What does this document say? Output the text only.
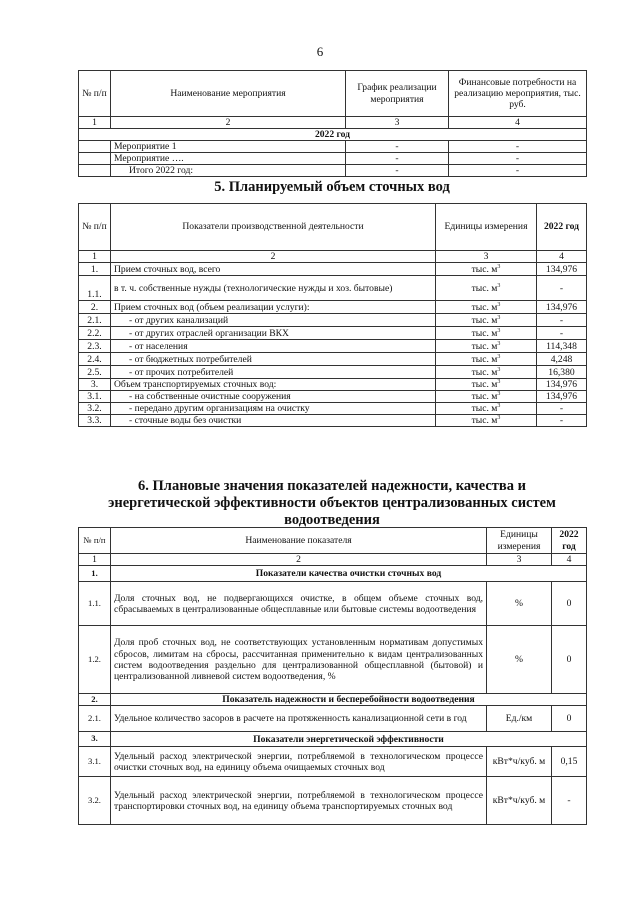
6
№ п/п	Наименование мероприятия	График реализации мероприятия	Финансовые потребности на реализацию мероприятия, тыс. руб.
1	2	3	4
2022 год			
	Мероприятие 1	-	-
	Мероприятие ….	-	-
	Итого 2022 год:	-	-
5. Планируемый объем сточных вод
№ п/п	Показатели производственной деятельности	Единицы измерения	2022 год
1	2	3	4
1.	Прием сточных вод, всего	тыс. $м^3$	134,976
1.1.	в т. ч. собственные нужды (технологические нужды и хоз. бытовые)	тыс. $м^3$	-
2.	Прием сточных вод (объем реализации услуги):	тыс. $м^3$	134,976
2.1.	- от других канализаций	тыс. $м^3$	-
2.2.	- от других отраслей организации ВКХ	тыс. $м^3$	-
2.3.	- от населения	тыс. $м^3$	114,348
2.4.	- от бюджетных потребителей	тыс. $м^3$	4,248
2.5.	- от прочих потребителей	тыс. $м^3$	16,380
3.	Объем транспортируемых сточных вод:	тыс. $м^3$	134,976
3.1.	- на собственные очистные сооружения	тыс. $м^3$	134,976
3.2.	- передано другим организациям на очистку	тыс. $м^3$	-
3.3.	- сточные воды без очистки	тыс. $м^3$	-
6. Плановые значения показателей надежности, качества и
энергетической эффективности объектов централизованных систем
водоотведения
№ п/п	Наименование показателя	Единицы измерения	2022 год
1	2	3	4
1.	Показатели качества очистки сточных вод		
1.1.	Доля сточных вод, не подвергающихся очистке, в общем объеме сточных вод, сбрасываемых в централизованные общесплавные или бытовые системы водоотведения	%	0
1.2.	Доля проб сточных вод, не соответствующих установленным нормативам допустимых сбросов, лимитам на сбросы, рассчитанная применительно к видам централизованных систем водоотведения раздельно для централизованной общесплавной (бытовой) и централизованной ливневой систем водоотведения, %	%	0
2.	Показатель надежности и бесперебойности водоотведения		
2.1.	Удельное количество засоров в расчете на протяженность канализационной сети в год	Ед./км	0
3.	Показатели энергетической эффективности		
3.1.	Удельный расход электрической энергии, потребляемой в технологическом процессе очистки сточных вод, на единицу объема очищаемых сточных вод	кВт*ч/куб. м	0,15
3.2.	Удельный расход электрической энергии, потребляемой в технологическом процессе транспортировки сточных вод, на единицу объема транспортируемых сточных вод	кВт*ч/куб. м	-
